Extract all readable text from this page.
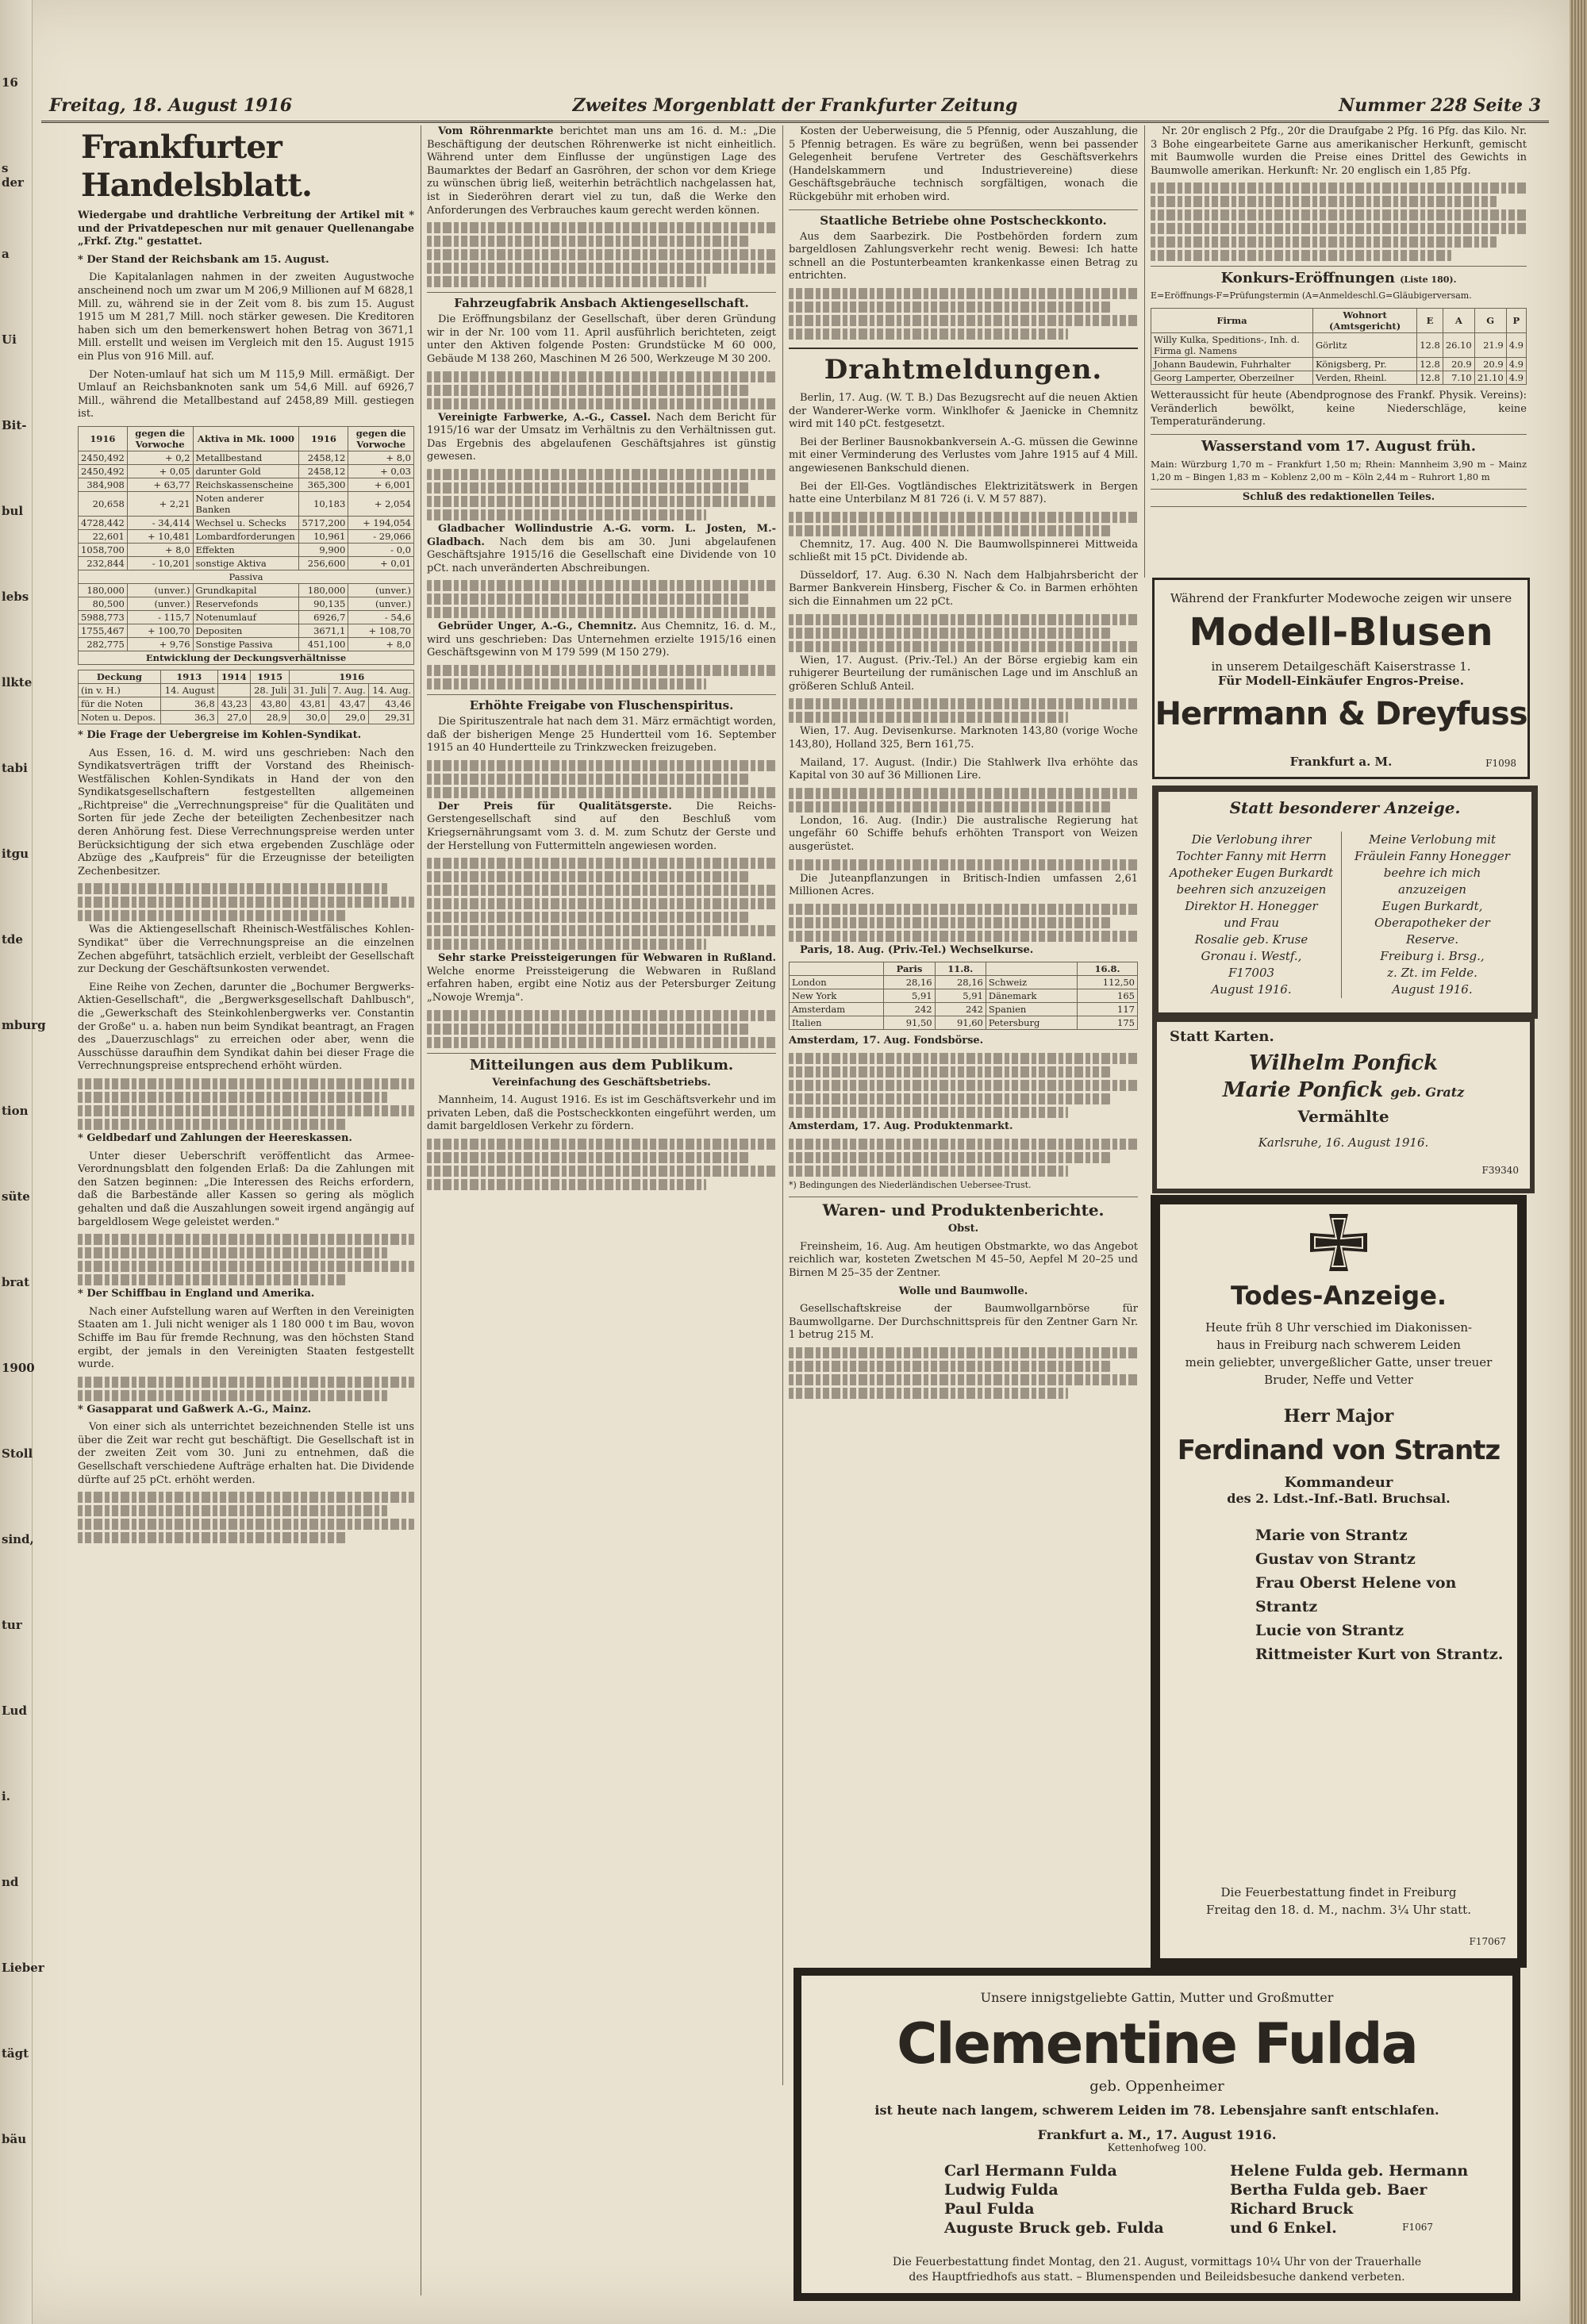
16
s der
a
Ui
Bit-
bul
lebs
llkte
tabi
itgu
tde
mburg
tion
süte
brat
1900
Stoll
sind,
tur
Lud
i.
nd
Lieber
tägt
bäu
Freitag, 18. August 1916	Zweites Morgenblatt der Frankfurter Zeitung	Nummer 228 Seite 3
Frankfurter Handelsblatt.

Wiedergabe und drahtliche Verbreitung der Artikel mit * und der Privatdepeschen nur mit genauer Quellenangabe „Frkf. Ztg." gestattet.

* Der Stand der Reichsbank am 15. August.

Die Kapitalanlagen nahmen in der zweiten Augustwoche anscheinend noch um zwar um M 206,9 Millionen auf M 6828,1 Mill. zu, während sie in der Zeit vom 8. bis zum 15. August 1915 um M 281,7 Mill. noch stärker gewesen. Die Kreditoren haben sich um den bemerkenswert hohen Betrag von 3671,1 Mill. erstellt und weisen im Vergleich mit den 15. August 1915 ein Plus von 916 Mill. auf.

Der Noten-umlauf hat sich um M 115,9 Mill. ermäßigt. Der Umlauf an Reichsbanknoten sank um 54,6 Mill. auf 6926,7 Mill., während die Metallbestand auf 2458,89 Mill. gestiegen ist.

1916	gegen die Vorwoche	Aktiva in Mk. 1000	1916	gegen die Vorwoche
2450,492	+ 0,2	Metallbestand	2458,12	+ 8,0
2450,492	+ 0,05	darunter Gold	2458,12	+ 0,03
384,908	+ 63,77	Reichskassenscheine	365,300	+ 6,001
20,658	+ 2,21	Noten anderer Banken	10,183	+ 2,054
4728,442	- 34,414	Wechsel u. Schecks	5717,200	+ 194,054
22,601	+ 10,481	Lombardforderungen	10,961	- 29,066
1058,700	+ 8,0	Effekten	9,900	- 0,0
232,844	- 10,201	sonstige Aktiva	256,600	+ 0,01
Passiva				
180,000	(unver.)	Grundkapital	180,000	(unver.)
80,500	(unver.)	Reservefonds	90,135	(unver.)
5988,773	- 115,7	Notenumlauf	6926,7	- 54,6
1755,467	+ 100,70	Depositen	3671,1	+ 108,70
282,775	+ 9,76	Sonstige Passiva	451,100	+ 8,0
Entwicklung der Deckungsverhältnisse				
Deckung	1913	1914	1915	1916		
(in v. H.)	14. August		28. Juli	31. Juli	7. Aug.	14. Aug.
für die Noten	36,8	43,23	43,80	43,81	43,47	43,46
Noten u. Depos.	36,3	27,0	28,9	30,0	29,0	29,31

* Die Frage der Uebergreise im Kohlen-Syndikat.

Aus Essen, 16. d. M. wird uns geschrieben: Nach den Syndikatsverträgen trifft der Vorstand des Rheinisch-Westfälischen Kohlen-Syndikats in Hand der von den Syndikatsgesellschaftern festgestellten allgemeinen „Richtpreise" die „Verrechnungspreise" für die Qualitäten und Sorten für jede Zeche der beteiligten Zechenbesitzer nach deren Anhörung fest. Diese Verrechnungspreise werden unter Berücksichtigung der sich etwa ergebenden Zuschläge oder Abzüge des „Kaufpreis" für die Erzeugnisse der beteiligten Zechenbesitzer.

Was die Aktiengesellschaft Rheinisch-Westfälisches Kohlen-Syndikat" über die Verrechnungspreise an die einzelnen Zechen abgeführt, tatsächlich erzielt, verbleibt der Gesellschaft zur Deckung der Geschäftsunkosten verwendet.

Eine Reihe von Zechen, darunter die „Bochumer Bergwerks-Aktien-Gesellschaft", die „Bergwerksgesellschaft Dahlbusch", die „Gewerkschaft des Steinkohlenbergwerks ver. Constantin der Große" u. a. haben nun beim Syndikat beantragt, an Fragen des „Dauerzuschlags" zu erreichen oder aber, wenn die Ausschüsse daraufhin dem Syndikat dahin bei dieser Frage die Verrechnungspreise entsprechend erhöht würden.

* Geldbedarf und Zahlungen der Heereskassen.

Unter dieser Ueberschrift veröffentlicht das Armee-Verordnungsblatt den folgenden Erlaß: Da die Zahlungen mit den Satzen beginnen: „Die Interessen des Reichs erfordern, daß die Barbestände aller Kassen so gering als möglich gehalten und daß die Auszahlungen soweit irgend angängig auf bargeldlosem Wege geleistet werden."

* Der Schiffbau in England und Amerika.

Nach einer Aufstellung waren auf Werften in den Vereinigten Staaten am 1. Juli nicht weniger als 1 180 000 t im Bau, wovon Schiffe im Bau für fremde Rechnung, was den höchsten Stand ergibt, der jemals in den Vereinigten Staaten festgestellt wurde.

* Gasapparat und Gaßwerk A.-G., Mainz.

Von einer sich als unterrichtet bezeichnenden Stelle ist uns über die Zeit war recht gut beschäftigt. Die Gesellschaft ist in der zweiten Zeit vom 30. Juni zu entnehmen, daß die Gesellschaft verschiedene Aufträge erhalten hat. Die Dividende dürfte auf 25 pCt. erhöht werden.

Vom Röhrenmarkte berichtet man uns am 16. d. M.: „Die Beschäftigung der deutschen Röhrenwerke ist nicht einheitlich. Während unter dem Einflusse der ungünstigen Lage des Baumarktes der Bedarf an Gasröhren, der schon vor dem Kriege zu wünschen übrig ließ, weiterhin beträchtlich nachgelassen hat, ist in Siederöhren derart viel zu tun, daß die Werke den Anforderungen des Verbrauches kaum gerecht werden können.

Fahrzeugfabrik Ansbach Aktiengesellschaft.

Die Eröffnungsbilanz der Gesellschaft, über deren Gründung wir in der Nr. 100 vom 11. April ausführlich berichteten, zeigt unter den Aktiven folgende Posten: Grundstücke M 60 000, Gebäude M 138 260, Maschinen M 26 500, Werkzeuge M 30 200.

Vereinigte Farbwerke, A.-G., Cassel. Nach dem Bericht für 1915/16 war der Umsatz im Verhältnis zu den Verhältnissen gut. Das Ergebnis des abgelaufenen Geschäftsjahres ist günstig gewesen.

Gladbacher Wollindustrie A.-G. vorm. L. Josten, M.-Gladbach. Nach dem bis am 30. Juni abgelaufenen Geschäftsjahre 1915/16 die Gesellschaft eine Dividende von 10 pCt. nach unveränderten Abschreibungen.

Gebrüder Unger, A.-G., Chemnitz. Aus Chemnitz, 16. d. M., wird uns geschrieben: Das Unternehmen erzielte 1915/16 einen Geschäftsgewinn von M 179 599 (M 150 279).

Erhöhte Freigabe von Fluschenspiritus.

Die Spirituszentrale hat nach dem 31. März ermächtigt worden, daß der bisherigen Menge 25 Hundertteil vom 16. September 1915 an 40 Hundertteile zu Trinkzwecken freizugeben.

Der Preis für Qualitätsgerste. Die Reichs-Gerstengesellschaft sind auf den Beschluß vom Kriegsernährungsamt vom 3. d. M. zum Schutz der Gerste und der Herstellung von Futtermitteln angewiesen worden.

Sehr starke Preissteigerungen für Webwaren in Rußland. Welche enorme Preissteigerung die Webwaren in Rußland erfahren haben, ergibt eine Notiz aus der Petersburger Zeitung „Nowoje Wremja".

Mitteilungen aus dem Publikum.

Vereinfachung des Geschäftsbetriebs.

Mannheim, 14. August 1916. Es ist im Geschäftsverkehr und im privaten Leben, daß die Postscheckkonten eingeführt werden, um damit bargeldlosen Verkehr zu fördern.

Kosten der Ueberweisung, die 5 Pfennig, oder Auszahlung, die 5 Pfennig betragen. Es wäre zu begrüßen, wenn bei passender Gelegenheit berufene Vertreter des Geschäftsverkehrs (Handelskammern und Industrievereine) diese Geschäftsgebräuche technisch sorgfältigen, wonach die Rückgebühr mit erhoben wird.

Staatliche Betriebe ohne Postscheckkonto.

Aus dem Saarbezirk. Die Postbehörden fordern zum bargeldlosen Zahlungsverkehr recht wenig. Bewesi: Ich hatte schnell an die Postunterbeamten krankenkasse einen Betrag zu entrichten.

Drahtmeldungen.

Berlin, 17. Aug. (W. T. B.) Das Bezugsrecht auf die neuen Aktien der Wanderer-Werke vorm. Winklhofer & Jaenicke in Chemnitz wird mit 140 pCt. festgesetzt.

Bei der Berliner Bausnokbankversein A.-G. müssen die Gewinne mit einer Verminderung des Verlustes vom Jahre 1915 auf 4 Mill. angewiesenen Bankschuld dienen.

Bei der Ell-Ges. Vogtländisches Elektrizitätswerk in Bergen hatte eine Unterbilanz M 81 726 (i. V. M 57 887).

Chemnitz, 17. Aug. 400 N. Die Baumwollspinnerei Mittweida schließt mit 15 pCt. Dividende ab.

Düsseldorf, 17. Aug. 6.30 N. Nach dem Halbjahrsbericht der Barmer Bankverein Hinsberg, Fischer & Co. in Barmen erhöhten sich die Einnahmen um 22 pCt.

Wien, 17. August. (Priv.-Tel.) An der Börse ergiebig kam ein ruhigerer Beurteilung der rumänischen Lage und im Anschluß an größeren Schluß Anteil.

Wien, 17. Aug. Devisenkurse. Marknoten 143,80 (vorige Woche 143,80), Holland 325, Bern 161,75.

Mailand, 17. August. (Indir.) Die Stahlwerk Ilva erhöhte das Kapital von 30 auf 36 Millionen Lire.

London, 16. Aug. (Indir.) Die australische Regierung hat ungefähr 60 Schiffe behufs erhöhten Transport von Weizen ausgerüstet.

Die Juteanpflanzungen in Britisch-Indien umfassen 2,61 Millionen Acres.

Paris, 18. Aug. (Priv.-Tel.) Wechselkurse.

	Paris	11.8.		16.8.
London	28,16	28,16	Schweiz	112,50
New York	5,91	5,91	Dänemark	165
Amsterdam	242	242	Spanien	117
Italien	91,50	91,60	Petersburg	175

Amsterdam, 17. Aug. Fondsbörse.

Amsterdam, 17. Aug. Produktenmarkt.

*) Bedingungen des Niederländischen Uebersee-Trust.

Waren- und Produktenberichte.

Obst.

Freinsheim, 16. Aug. Am heutigen Obstmarkte, wo das Angebot reichlich war, kosteten Zwetschen M 45–50, Aepfel M 20–25 und Birnen M 25–35 der Zentner.

Wolle und Baumwolle.

Gesellschaftskreise der Baumwollgarnbörse für Baumwollgarne. Der Durchschnittspreis für den Zentner Garn Nr. 1 betrug 215 M.

Nr. 20r englisch 2 Pfg., 20r die Draufgabe 2 Pfg. 16 Pfg. das Kilo. Nr. 3 Bohe eingearbeitete Garne aus amerikanischer Herkunft, gemischt mit Baumwolle wurden die Preise eines Drittel des Gewichts in Baumwolle amerikan. Herkunft: Nr. 20 englisch ein 1,85 Pfg.

Konkurs-Eröffnungen (Liste 180).

E=Eröffnungs-F=Prüfungstermin (A=Anmeldeschl.G=Gläubigerversam.

Firma	Wohnort (Amtsgericht)	E	A	G	P
Willy Kulka, Speditions-, Inh. d. Firma gl. Namens	Görlitz	12.8	26.10	21.9	4.9
Johann Baudewin, Fuhrhalter	Königsberg, Pr.	12.8	20.9	20.9	4.9
Georg Lamperter, Oberzeilner	Verden, Rheinl.	12.8	7.10	21.10	4.9

Wetteraussicht für heute (Abendprognose des Frankf. Physik. Vereins): Veränderlich bewölkt, keine Niederschläge, keine Temperaturänderung.

Wasserstand vom 17. August früh.

Main: Würzburg 1,70 m – Frankfurt 1,50 m; Rhein: Mannheim 3,90 m – Mainz 1,20 m – Bingen 1,83 m – Koblenz 2,00 m – Köln 2,44 m – Ruhrort 1,80 m

Schluß des redaktionellen Teiles.

Während der Frankfurter Modewoche zeigen wir unsere
Modell-Blusen
in unserem Detailgeschäft Kaiserstrasse 1.
Für Modell-Einkäufer Engros-Preise.
Herrmann & Dreyfuss
Frankfurt a. M.	F1098
Statt besonderer Anzeige.
Die Verlobung ihrer
Tochter Fanny mit Herrn
Apotheker Eugen Burkardt
beehren sich anzuzeigen
Direktor H. Honegger
und Frau
Rosalie geb. Kruse
Gronau i. Westf.,
F17003
August 1916.
Meine Verlobung mit
Fräulein Fanny Honegger
beehre ich mich anzuzeigen
Eugen Burkardt,
Oberapotheker der Reserve.
Freiburg i. Brsg.,
z. Zt. im Felde.
August 1916.
Statt Karten.
Wilhelm Ponfick
Marie Ponfick geb. Gratz
Vermählte
Karlsruhe, 16. August 1916.
F39340
Todes-Anzeige.
Heute früh 8 Uhr verschied im Diakonissen-
haus in Freiburg nach schwerem Leiden
mein geliebter, unvergeßlicher Gatte, unser treuer
Bruder, Neffe und Vetter
Herr Major
Ferdinand von Strantz
Kommandeur
des 2. Ldst.-Inf.-Batl. Bruchsal.
Marie von Strantz
Gustav von Strantz
Frau Oberst Helene von Strantz
Lucie von Strantz
Rittmeister Kurt von Strantz.
Die Feuerbestattung findet in Freiburg
Freitag den 18. d. M., nachm. 3¼ Uhr statt.
F17067
Unsere innigstgeliebte Gattin, Mutter und Großmutter
Clementine Fulda
geb. Oppenheimer
ist heute nach langem, schwerem Leiden im 78. Lebensjahre sanft entschlafen.
Frankfurt a. M., 17. August 1916.
Kettenhofweg 100.
Carl Hermann Fulda
Ludwig Fulda
Paul Fulda
Auguste Bruck geb. Fulda
Helene Fulda geb. Hermann
Bertha Fulda geb. Baer
Richard Bruck
und 6 Enkel.	F1067
Die Feuerbestattung findet Montag, den 21. August, vormittags 10¼ Uhr von der Trauerhalle
des Hauptfriedhofs aus statt. – Blumenspenden und Beileidsbesuche dankend verbeten.
